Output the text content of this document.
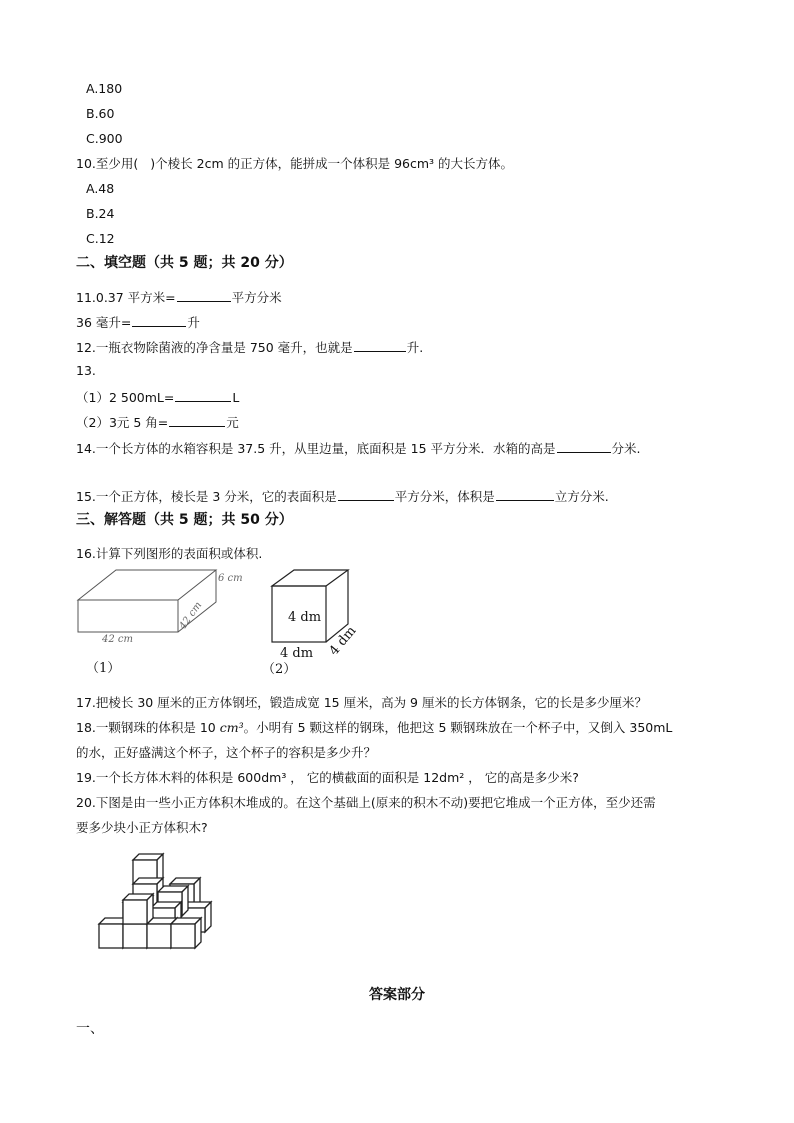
A.180
B.60
C.900
10.至少用( )个棱长 2cm 的正方体，能拼成一个体积是 96cm³ 的大长方体。
A.48
B.24
C.12
二、填空题（共 5 题；共 20 分）
11.0.37 平方米=	平方分米
36 毫升=	升
12.一瓶衣物除菌液的净含量是 750 毫升，也就是	升.
13.
（1）2 500mL=	L
（2）3元 5 角=	元
14.一个长方体的水箱容积是 37.5 升，从里边量，底面积是 15 平方分米．水箱的高是	分米.
15.一个正方体，棱长是 3 分米，它的表面积是	平方分米，体积是	立方分米.
三、解答题（共 5 题；共 50 分）
16.计算下列图形的表面积或体积.
42 cm
42 cm
6 cm
（1）
4 dm
4 dm 4 dm
（2）
17.把棱长 30 厘米的正方体钢坯，锻造成宽 15 厘米，高为 9 厘米的长方体钢条，它的长是多少厘米？
18.一颗钢珠的体积是 10 cm³。小明有 5 颗这样的钢珠，他把这 5 颗钢珠放在一个杯子中，又倒入 350mL
的水，正好盛满这个杯子，这个杯子的容积是多少升？
19.一个长方体木料的体积是 600dm³ ， 它的横截面的面积是 12dm² ， 它的高是多少米?
20.下图是由一些小正方体积木堆成的。在这个基础上(原来的积木不动)要把它堆成一个正方体，至少还需
要多少块小正方体积木?
答案部分
一、
